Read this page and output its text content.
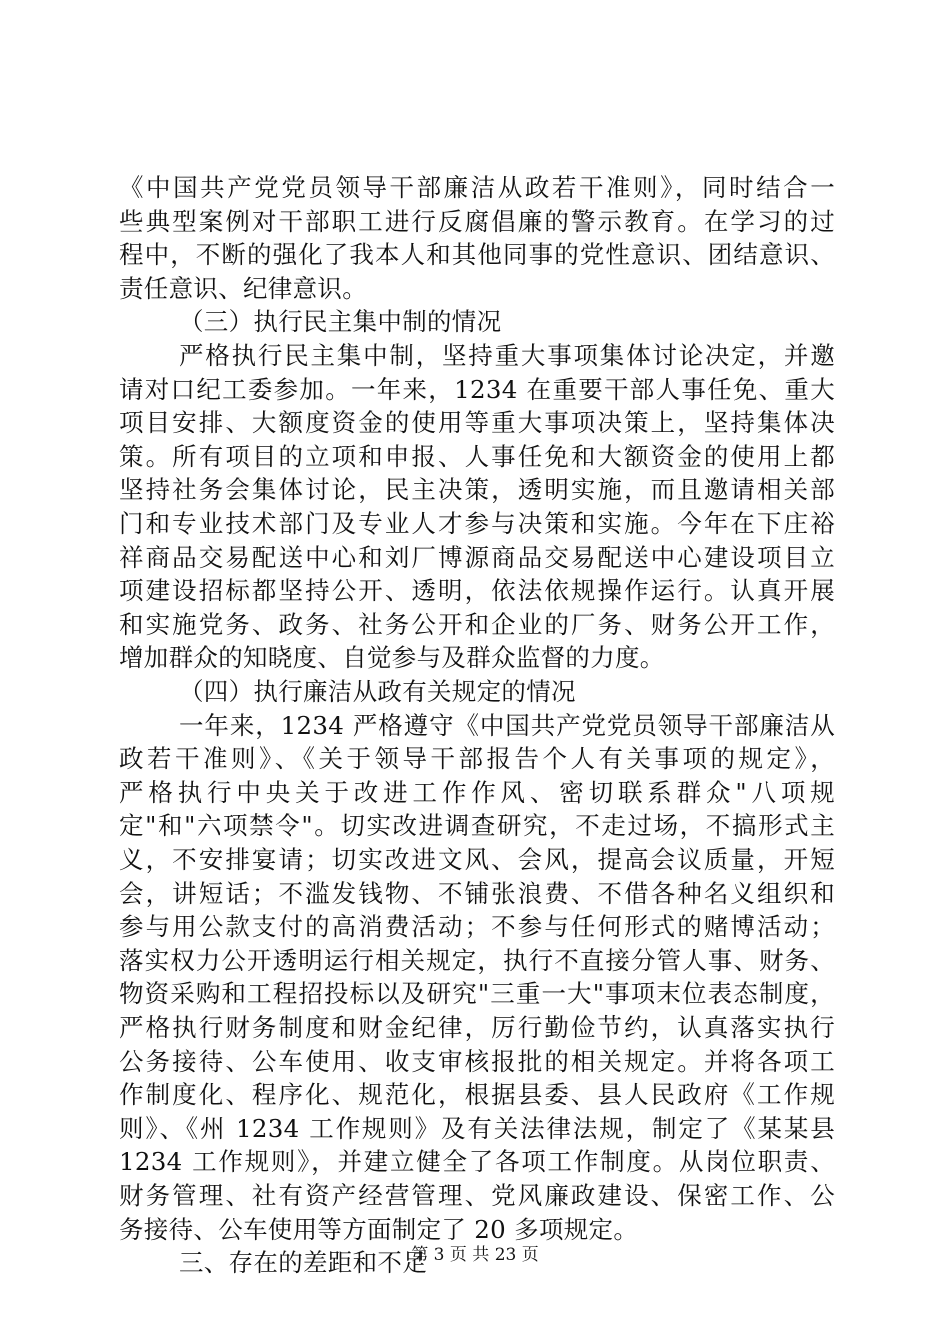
《中国共产党党员领导干部廉洁从政若干准则》，同时结合一
些典型案例对干部职工进行反腐倡廉的警示教育。在学习的过
程中，不断的强化了我本人和其他同事的党性意识、团结意识、
责任意识、纪律意识。
（三）执行民主集中制的情况
严格执行民主集中制，坚持重大事项集体讨论决定，并邀
请对口纪工委参加。一年来，1234 在重要干部人事任免、重大
项目安排、大额度资金的使用等重大事项决策上，坚持集体决
策。所有项目的立项和申报、人事任免和大额资金的使用上都
坚持社务会集体讨论，民主决策，透明实施，而且邀请相关部
门和专业技术部门及专业人才参与决策和实施。今年在下庄裕
祥商品交易配送中心和刘厂博源商品交易配送中心建设项目立
项建设招标都坚持公开、透明，依法依规操作运行。认真开展
和实施党务、政务、社务公开和企业的厂务、财务公开工作，
增加群众的知晓度、自觉参与及群众监督的力度。
（四）执行廉洁从政有关规定的情况
一年来，1234 严格遵守《中国共产党党员领导干部廉洁从
政若干准则》、《关于领导干部报告个人有关事项的规定》，
严格执行中央关于改进工作作风、密切联系群众"八项规
定"和"六项禁令"。切实改进调查研究，不走过场，不搞形式主
义，不安排宴请；切实改进文风、会风，提高会议质量，开短
会，讲短话；不滥发钱物、不铺张浪费、不借各种名义组织和
参与用公款支付的高消费活动；不参与任何形式的赌博活动；
落实权力公开透明运行相关规定，执行不直接分管人事、财务、
物资采购和工程招投标以及研究"三重一大"事项末位表态制度，
严格执行财务制度和财金纪律，厉行勤俭节约，认真落实执行
公务接待、公车使用、收支审核报批的相关规定。并将各项工
作制度化、程序化、规范化，根据县委、县人民政府《工作规
则》、《州 1234 工作规则》及有关法律法规，制定了《某某县
1234 工作规则》，并建立健全了各项工作制度。从岗位职责、
财务管理、社有资产经营管理、党风廉政建设、保密工作、公
务接待、公车使用等方面制定了 20 多项规定。
三、存在的差距和不足
第 3 页 共 23 页
